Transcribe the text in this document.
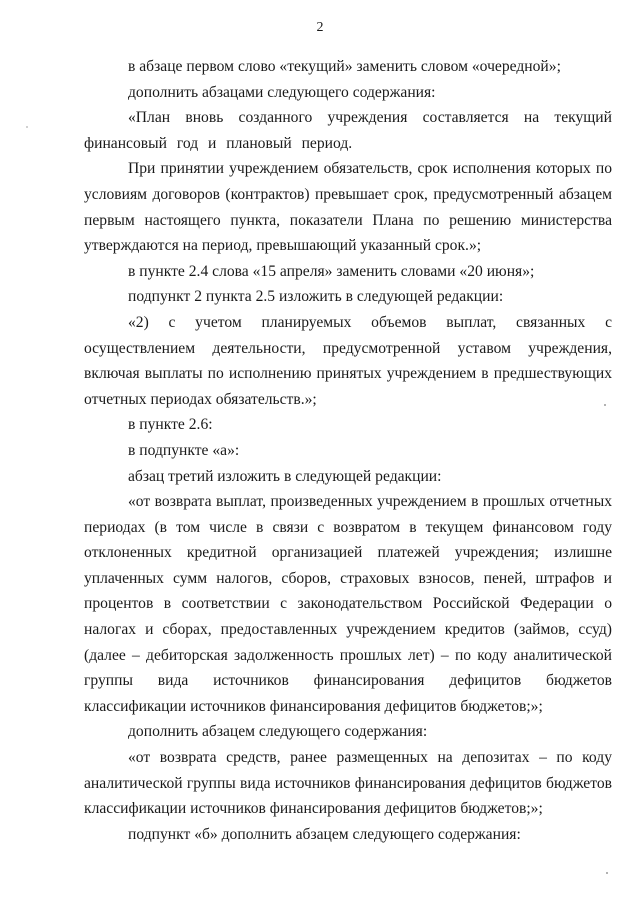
2

в абзаце первом слово «текущий» заменить словом «очередной»;

дополнить абзацами следующего содержания:

«План вновь созданного учреждения составляется на текущий финансовый год и плановый период.

При принятии учреждением обязательств, срок исполнения которых по условиям договоров (контрактов) превышает срок, предусмотренный абзацем первым настоящего пункта, показатели Плана по решению министерства утверждаются на период, превышающий указанный срок.»;

в пункте 2.4 слова «15 апреля» заменить словами «20 июня»;

подпункт 2 пункта 2.5 изложить в следующей редакции:

«2) с учетом планируемых объемов выплат, связанных с осуществлением деятельности, предусмотренной уставом учреждения, включая выплаты по исполнению принятых учреждением в предшествующих отчетных периодах обязательств.»;

в пункте 2.6:

в подпункте «а»:

абзац третий изложить в следующей редакции:

«от возврата выплат, произведенных учреждением в прошлых отчетных периодах (в том числе в связи с возвратом в текущем финансовом году отклоненных кредитной организацией платежей учреждения; излишне уплаченных сумм налогов, сборов, страховых взносов, пеней, штрафов и процентов в соответствии с законодательством Российской Федерации о налогах и сборах, предоставленных учреждением кредитов (займов, ссуд) (далее – дебиторская задолженность прошлых лет) – по коду аналитической группы вида источников финансирования дефицитов бюджетов классификации источников финансирования дефицитов бюджетов;»;

дополнить абзацем следующего содержания:

«от возврата средств, ранее размещенных на депозитах – по коду аналитической группы вида источников финансирования дефицитов бюджетов классификации источников финансирования дефицитов бюджетов;»;

подпункт «б» дополнить абзацем следующего содержания:
